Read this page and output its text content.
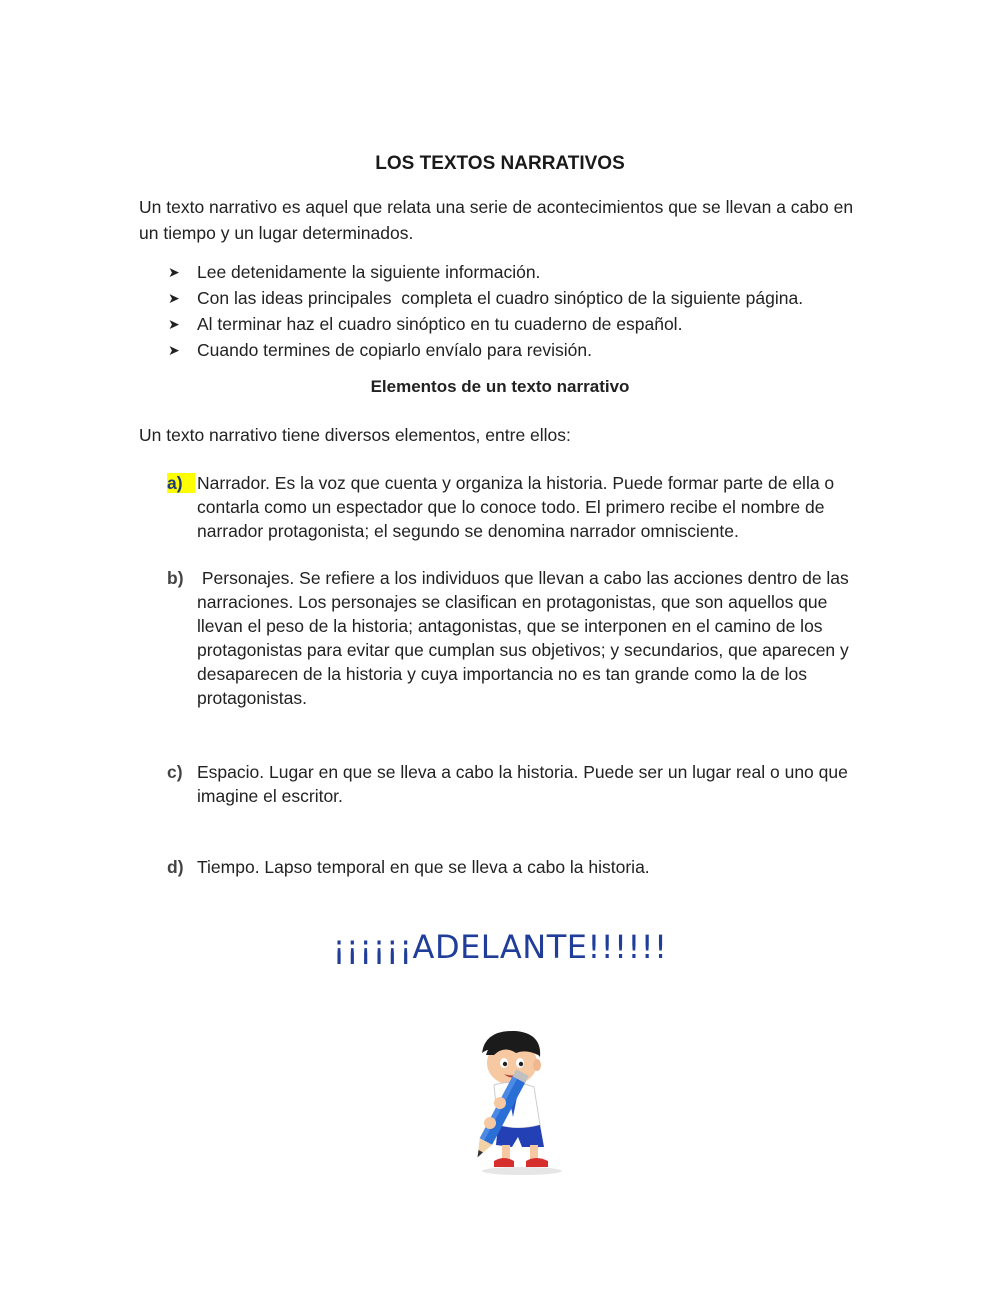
LOS TEXTOS NARRATIVOS
Un texto narrativo es aquel que relata una serie de acontecimientos que se llevan a cabo en un tiempo y un lugar determinados.
➤ Lee detenidamente la siguiente información.
➤ Con las ideas principales  completa el cuadro sinóptico de la siguiente página.
➤ Al terminar haz el cuadro sinóptico en tu cuaderno de español.
➤ Cuando termines de copiarlo envíalo para revisión.
Elementos de un texto narrativo
Un texto narrativo tiene diversos elementos, entre ellos:
a) Narrador. Es la voz que cuenta y organiza la historia. Puede formar parte de ella o contarla como un espectador que lo conoce todo. El primero recibe el nombre de narrador protagonista; el segundo se denomina narrador omnisciente.
b) Personajes. Se refiere a los individuos que llevan a cabo las acciones dentro de las narraciones. Los personajes se clasifican en protagonistas, que son aquellos que llevan el peso de la historia; antagonistas, que se interponen en el camino de los protagonistas para evitar que cumplan sus objetivos; y secundarios, que aparecen y desaparecen de la historia y cuya importancia no es tan grande como la de los protagonistas.
c) Espacio. Lugar en que se lleva a cabo la historia. Puede ser un lugar real o uno que imagine el escritor.
d) Tiempo. Lapso temporal en que se lleva a cabo la historia.
¡¡¡¡¡¡ADELANTE!!!!!!
